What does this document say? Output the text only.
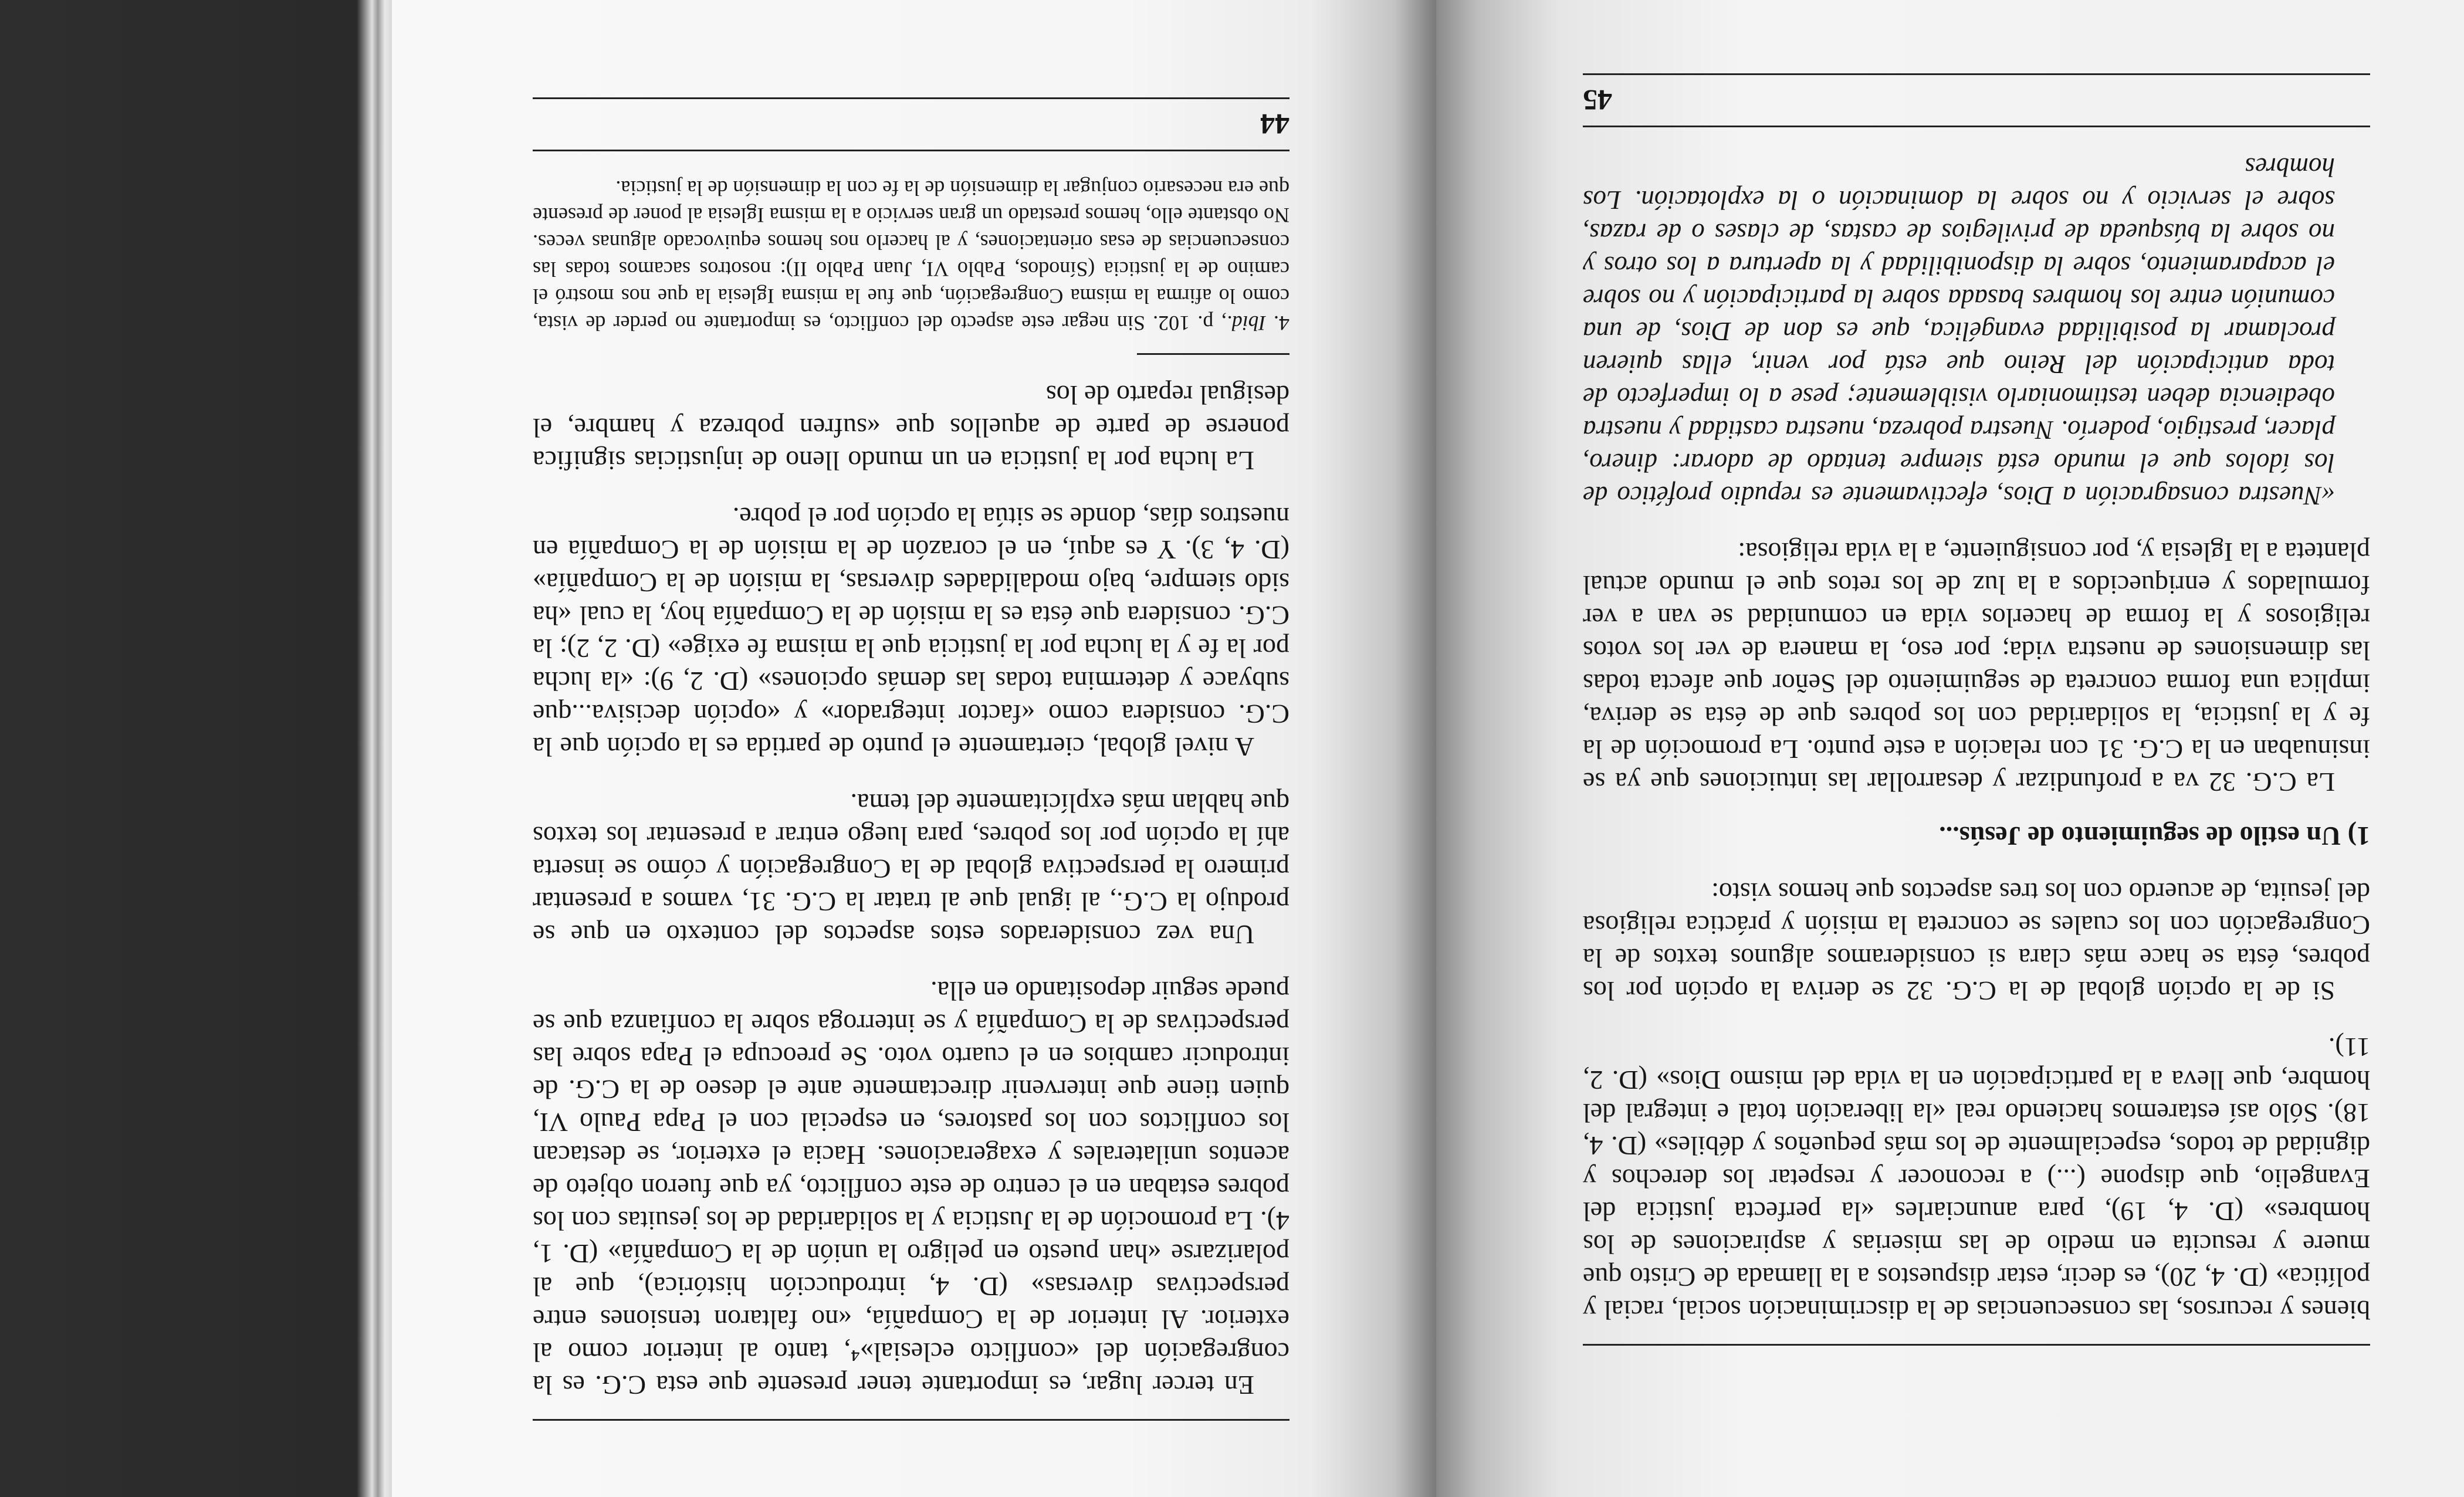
En tercer lugar, es importante tener presente que esta C.G. es la congregación del «conflicto eclesial»⁴, tanto al interior como al exterior. Al interior de la Compañía, «no faltaron tensiones entre perspectivas diversas» (D. 4, introducción histórica), que al polarizarse «han puesto en peligro la unión de la Compañía» (D. 1, 4). La promoción de la Justicia y la solidaridad de los jesuitas con los pobres estaban en el centro de este conflicto, ya que fueron objeto de acentos unilaterales y exageraciones. Hacia el exterior, se destacan los conflictos con los pastores, en especial con el Papa Paulo VI, quien tiene que intervenir directamente ante el deseo de la C.G. de introducir cambios en el cuarto voto. Se preocupa el Papa sobre las perspectivas de la Compañía y se interroga sobre la confianza que se puede seguir depositando en ella.

Una vez considerados estos aspectos del contexto en que se produjo la C.G., al igual que al tratar la C.G. 31, vamos a presentar primero la perspectiva global de la Congregación y cómo se inserta ahí la opción por los pobres, para luego entrar a presentar los textos que hablan más explícitamente del tema.

A nivel global, ciertamente el punto de partida es la opción que la C.G. considera como «factor integrador» y «opción decisiva...que subyace y determina todas las demás opciones» (D. 2, 9): «la lucha por la fe y la lucha por la justicia que la misma fe exige» (D. 2, 2); la C.G. considera que ésta es la misión de la Compañía hoy, la cual «ha sido siempre, bajo modalidades diversas, la misión de la Compañía» (D. 4, 3). Y es aquí, en el corazón de la misión de la Compañía en nuestros días, donde se sitúa la opción por el pobre.

La lucha por la justicia en un mundo lleno de injusticias significa ponerse de parte de aquellos que «sufren pobreza y hambre, el desigual reparto de los

4. Ibid., p. 102. Sin negar este aspecto del conflicto, es importante no perder de vista, como lo afirma la misma Congregación, que fue la misma Iglesia la que nos mostró el camino de la justicia (Sínodos, Pablo VI, Juan Pablo II): nosotros sacamos todas las consecuencias de esas orientaciones, y al hacerlo nos hemos equivocado algunas veces. No obstante ello, hemos prestado un gran servicio a la misma Iglesia al poner de presente que era necesario conjugar la dimensión de la fe con la dimensión de la justicia.

44

bienes y recursos, las consecuencias de la discriminación social, racial y política» (D. 4, 20), es decir, estar dispuestos a la llamada de Cristo que muere y resucita en medio de las miserias y aspiraciones de los hombres» (D. 4, 19), para anunciarles «la perfecta justicia del Evangelio, que dispone (...) a reconocer y respetar los derechos y dignidad de todos, especialmente de los más pequeños y débiles» (D. 4, 18). Sólo así estaremos haciendo real «la liberación total e integral del hombre, que lleva a la participación en la vida del mismo Dios» (D. 2, 11).

Si de la opción global de la C.G. 32 se deriva la opción por los pobres, ésta se hace más clara si consideramos algunos textos de la Congregación con los cuales se concreta la misión y práctica religiosa del jesuita, de acuerdo con los tres aspectos que hemos visto:

1) Un estilo de seguimiento de Jesús...

La C.G. 32 va a profundizar y desarrollar las intuiciones que ya se insinuaban en la C.G. 31 con relación a este punto. La promoción de la fe y la justicia, la solidaridad con los pobres que de ésta se deriva, implica una forma concreta de seguimiento del Señor que afecta todas las dimensiones de nuestra vida; por eso, la manera de ver los votos religiosos y la forma de hacerlos vida en comunidad se van a ver formulados y enriquecidos a la luz de los retos que el mundo actual planteta a la Iglesia y, por consiguiente, a la vida religiosa:

«Nuestra consagración a Dios, efectivamente es repudio profético de los ídolos que el mundo está siempre tentado de adorar: dinero, placer, prestigio, poderío. Nuestra pobreza, nuestra castidad y nuestra obediencia deben testimoniarlo visiblemente; pese a lo imperfecto de toda anticipación del Reino que está por venir, ellas quieren proclamar la posibilidad evangélica, que es don de Dios, de una comunión entre los hombres basada sobre la participación y no sobre el acaparamiento, sobre la disponibilidad y la apertura a los otros y no sobre la búsqueda de privilegios de castas, de clases o de razas, sobre el servicio y no sobre la dominación o la explotación. Los hombres

45
